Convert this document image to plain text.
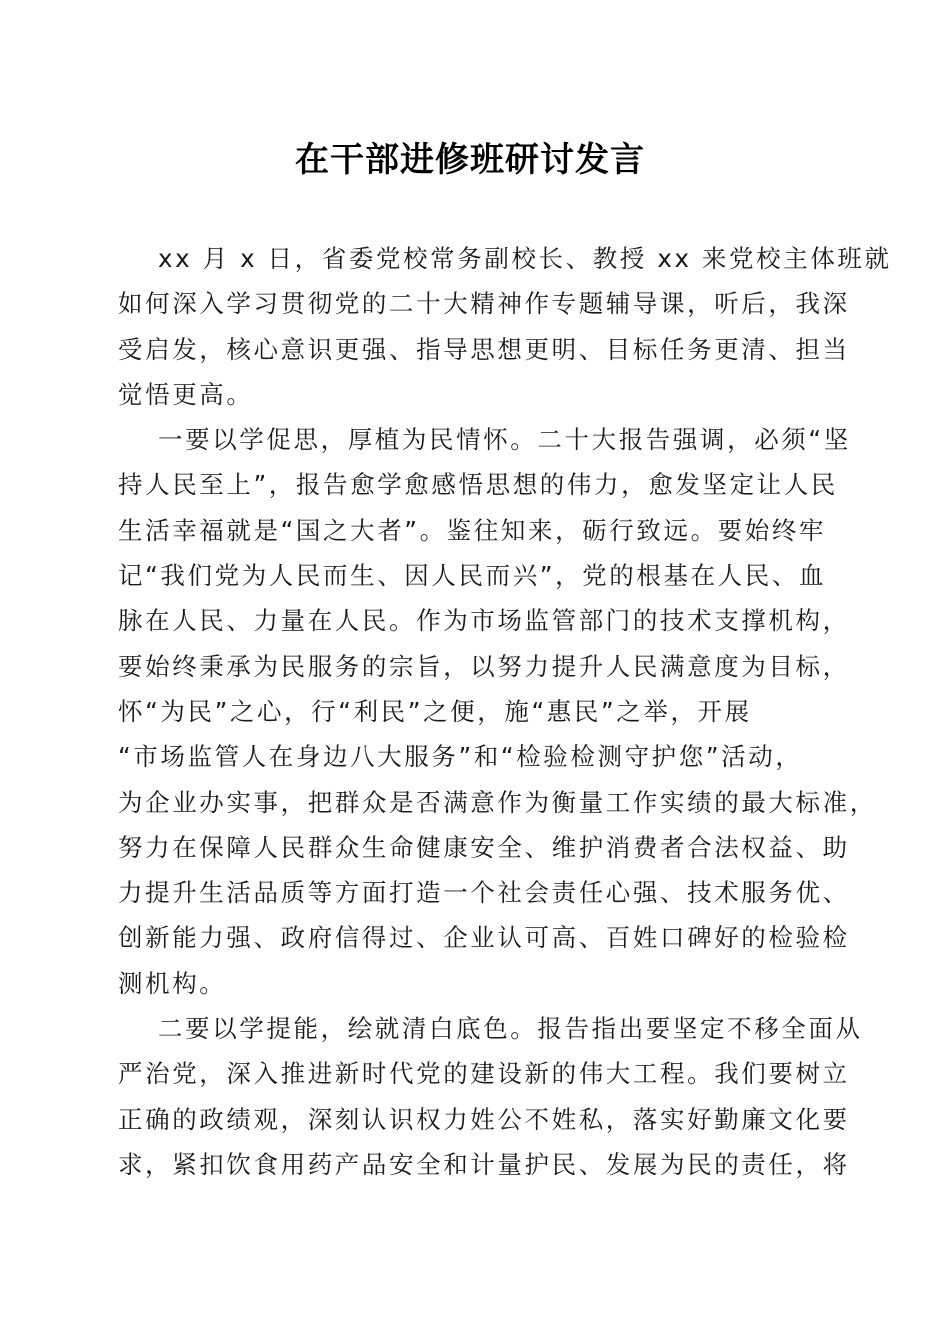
在干部进修班研讨发言
xx 月 x 日，省委党校常务副校长、教授 xx 来党校主体班就
如何深入学习贯彻党的二十大精神作专题辅导课，听后，我深
受启发，核心意识更强、指导思想更明、目标任务更清、担当
觉悟更高。
一要以学促思，厚植为民情怀。二十大报告强调，必须“坚
持人民至上”，报告愈学愈感悟思想的伟力，愈发坚定让人民
生活幸福就是“国之大者”。鉴往知来，砺行致远。要始终牢
记“我们党为人民而生、因人民而兴”，党的根基在人民、血
脉在人民、力量在人民。作为市场监管部门的技术支撑机构，
要始终秉承为民服务的宗旨，以努力提升人民满意度为目标，
怀“为民”之心，行“利民”之便，施“惠民”之举，开展
“市场监管人在身边八大服务”和“检验检测守护您”活动，
为企业办实事，把群众是否满意作为衡量工作实绩的最大标准，
努力在保障人民群众生命健康安全、维护消费者合法权益、助
力提升生活品质等方面打造一个社会责任心强、技术服务优、
创新能力强、政府信得过、企业认可高、百姓口碑好的检验检
测机构。
二要以学提能，绘就清白底色。报告指出要坚定不移全面从
严治党，深入推进新时代党的建设新的伟大工程。我们要树立
正确的政绩观，深刻认识权力姓公不姓私，落实好勤廉文化要
求，紧扣饮食用药产品安全和计量护民、发展为民的责任，将
